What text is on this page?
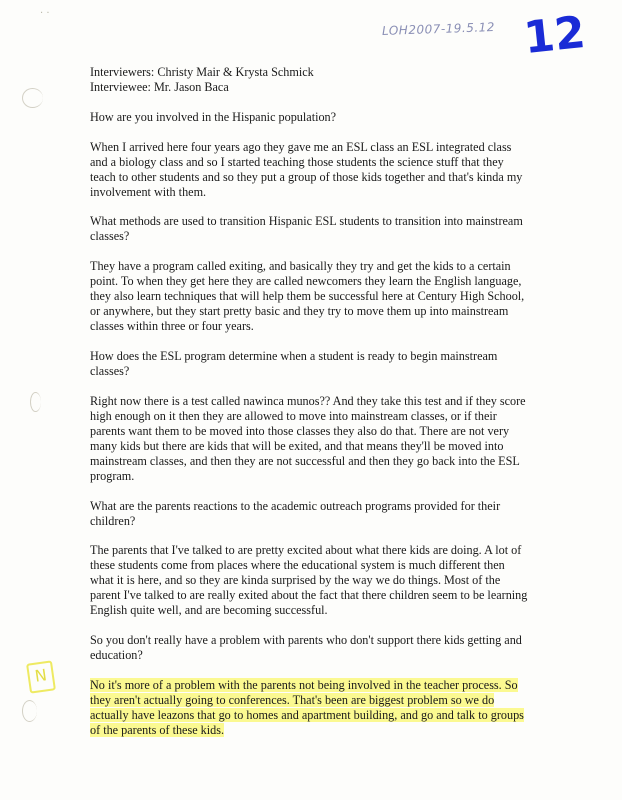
LOH2007-19.5.12 12
· ·
N

Interviewers: Christy Mair & Krysta Schmick

Interviewee: Mr. Jason Baca

How are you involved in the Hispanic population?

When I arrived here four years ago they gave me an ESL class an ESL integrated class and a biology class and so I started teaching those students the science stuff that they teach to other students and so they put a group of those kids together and that's kinda my involvement with them.

What methods are used to transition Hispanic ESL students to transition into mainstream classes?

They have a program called exiting, and basically they try and get the kids to a certain point. To when they get here they are called newcomers they learn the English language, they also learn techniques that will help them be successful here at Century High School, or anywhere, but they start pretty basic and they try to move them up into mainstream classes within three or four years.

How does the ESL program determine when a student is ready to begin mainstream classes?

Right now there is a test called nawinca munos?? And they take this test and if they score high enough on it then they are allowed to move into mainstream classes, or if their parents want them to be moved into those classes they also do that. There are not very many kids but there are kids that will be exited, and that means they'll be moved into mainstream classes, and then they are not successful and then they go back into the ESL program.

What are the parents reactions to the academic outreach programs provided for their children?

The parents that I've talked to are pretty excited about what there kids are doing. A lot of these students come from places where the educational system is much different then what it is here, and so they are kinda surprised by the way we do things. Most of the parent I've talked to are really exited about the fact that there children seem to be learning English quite well, and are becoming successful.

So you don't really have a problem with parents who don't support there kids getting and education?

No it's more of a problem with the parents not being involved in the teacher process. So they aren't actually going to conferences. That's been are biggest problem so we do actually have leazons that go to homes and apartment building, and go and talk to groups of the parents of these kids.
